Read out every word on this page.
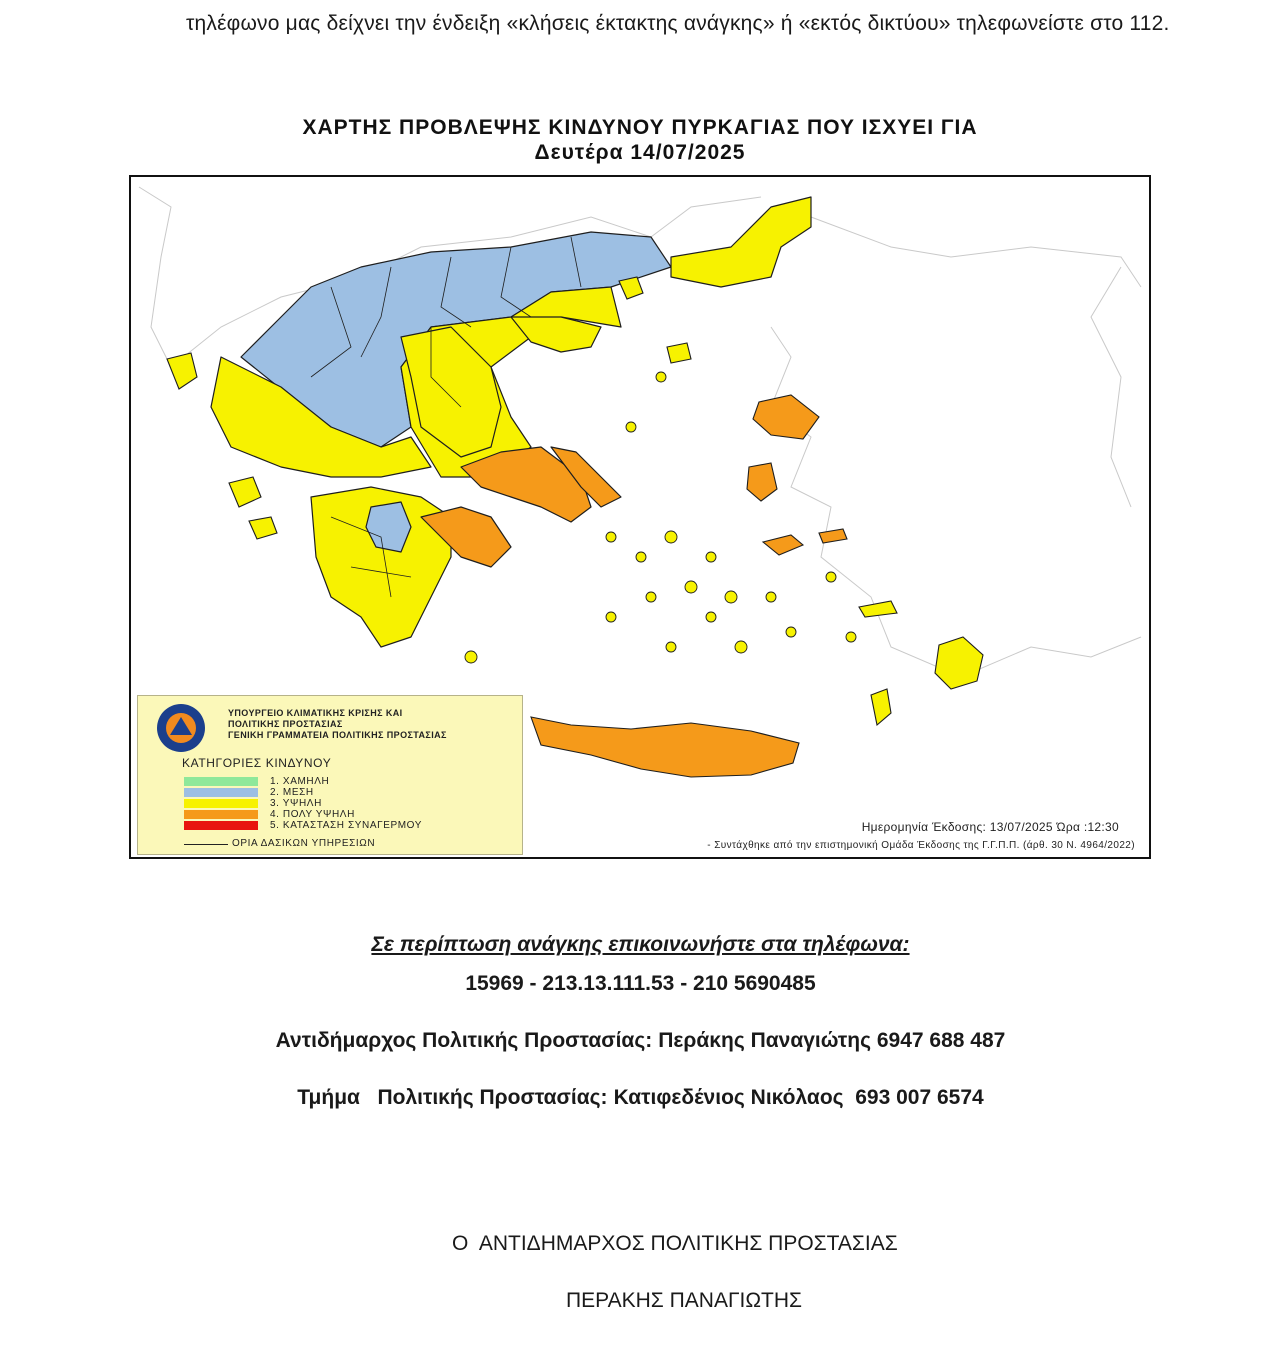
τηλέφωνο μας δείχνει την ένδειξη «κλήσεις έκτακτης ανάγκης» ή «εκτός δικτύου» τηλεφωνείστε στο 112.
ΧΑΡΤΗΣ ΠΡΟΒΛΕΨΗΣ ΚΙΝΔΥΝΟΥ ΠΥΡΚΑΓΙΑΣ ΠΟΥ ΙΣΧΥΕΙ ΓΙΑ
Δευτέρα 14/07/2025
ΥΠΟΥΡΓΕΙΟ ΚΛΙΜΑΤΙΚΗΣ ΚΡΙΣΗΣ ΚΑΙ
ΠΟΛΙΤΙΚΗΣ ΠΡΟΣΤΑΣΙΑΣ
ΓΕΝΙΚΗ ΓΡΑΜΜΑΤΕΙΑ ΠΟΛΙΤΙΚΗΣ ΠΡΟΣΤΑΣΙΑΣ
ΚΑΤΗΓΟΡΙΕΣ ΚΙΝΔΥΝΟΥ
1. ΧΑΜΗΛΗ
2. ΜΕΣΗ
3. ΥΨΗΛΗ
4. ΠΟΛΥ ΥΨΗΛΗ
5. ΚΑΤΑΣΤΑΣΗ ΣΥΝΑΓΕΡΜΟΥ
ΟΡΙΑ ΔΑΣΙΚΩΝ ΥΠΗΡΕΣΙΩΝ
Ημερομηνία Έκδοσης: 13/07/2025 Ώρα :12:30
- Συντάχθηκε από την επιστημονική Ομάδα Έκδοσης της Γ.Γ.Π.Π. (άρθ. 30 Ν. 4964/2022)
Σε περίπτωση ανάγκης επικοινωνήστε στα τηλέφωνα:
15969 - 213.13.111.53 - 210 5690485
Αντιδήμαρχος Πολιτικής Προστασίας: Περάκης Παναγιώτης 6947 688 487
Τμήμα   Πολιτικής Προστασίας: Κατιφεδένιος Νικόλαος  693 007 6574
Ο  ΑΝΤΙΔΗΜΑΡΧΟΣ ΠΟΛΙΤΙΚΗΣ ΠΡΟΣΤΑΣΙΑΣ
ΠΕΡΑΚΗΣ ΠΑΝΑΓΙΩΤΗΣ
